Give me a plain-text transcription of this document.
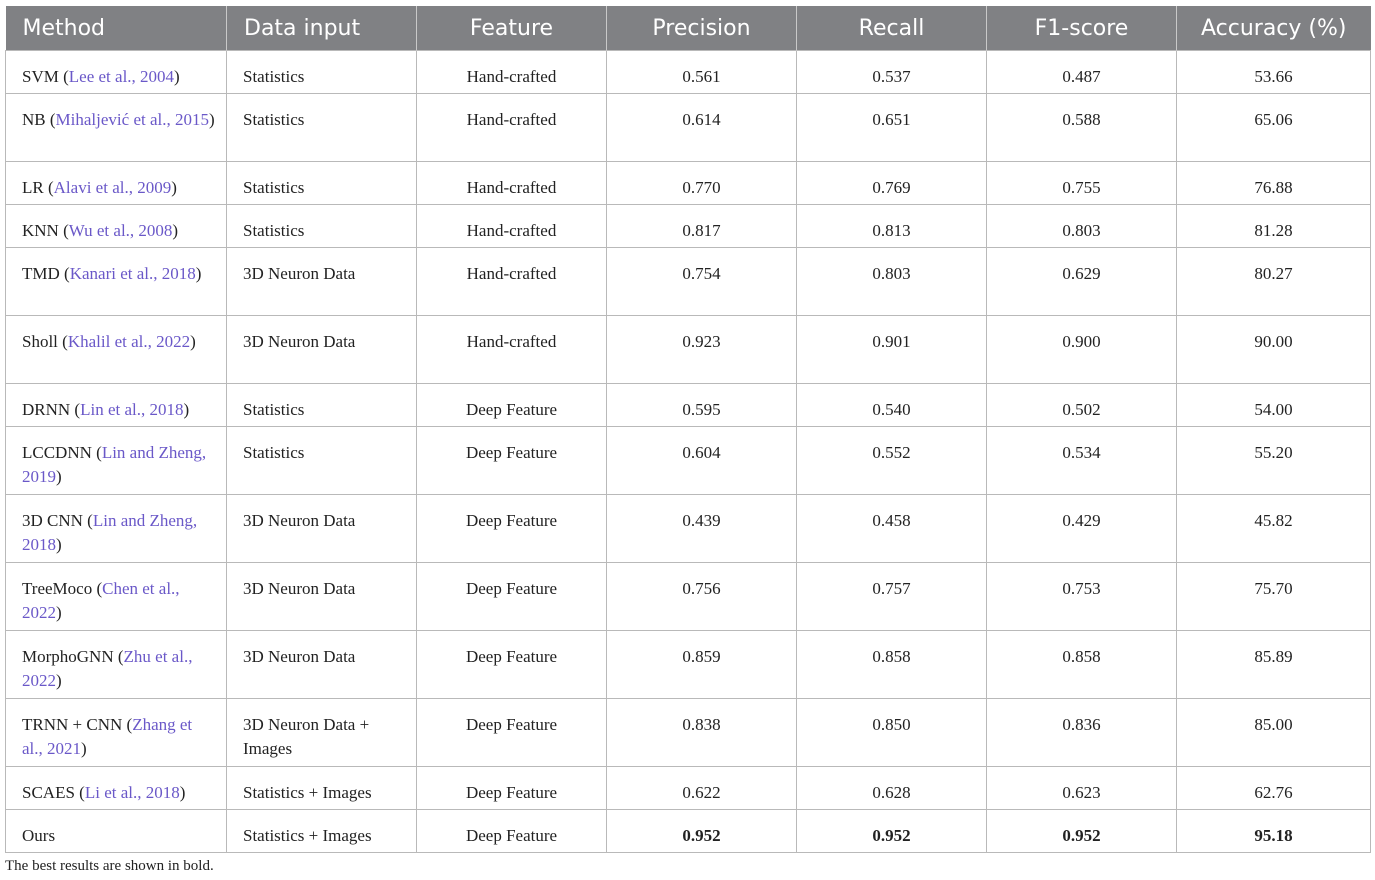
Method	Data input	Feature	Precision	Recall	F1-score	Accuracy (%)
SVM (Lee et al., 2004)	Statistics	Hand-crafted	0.561	0.537	0.487	53.66
NB (Mihaljević et al., 2015)	Statistics	Hand-crafted	0.614	0.651	0.588	65.06
LR (Alavi et al., 2009)	Statistics	Hand-crafted	0.770	0.769	0.755	76.88
KNN (Wu et al., 2008)	Statistics	Hand-crafted	0.817	0.813	0.803	81.28
TMD (Kanari et al., 2018)	3D Neuron Data	Hand-crafted	0.754	0.803	0.629	80.27
Sholl (Khalil et al., 2022)	3D Neuron Data	Hand-crafted	0.923	0.901	0.900	90.00
DRNN (Lin et al., 2018)	Statistics	Deep Feature	0.595	0.540	0.502	54.00
LCCDNN (Lin and Zheng, 2019)	Statistics	Deep Feature	0.604	0.552	0.534	55.20
3D CNN (Lin and Zheng, 2018)	3D Neuron Data	Deep Feature	0.439	0.458	0.429	45.82
TreeMoco (Chen et al., 2022)	3D Neuron Data	Deep Feature	0.756	0.757	0.753	75.70
MorphoGNN (Zhu et al., 2022)	3D Neuron Data	Deep Feature	0.859	0.858	0.858	85.89
TRNN + CNN (Zhang et al., 2021)	3D Neuron Data + Images	Deep Feature	0.838	0.850	0.836	85.00
SCAES (Li et al., 2018)	Statistics + Images	Deep Feature	0.622	0.628	0.623	62.76
Ours	Statistics + Images	Deep Feature	0.952	0.952	0.952	95.18
The best results are shown in bold.
